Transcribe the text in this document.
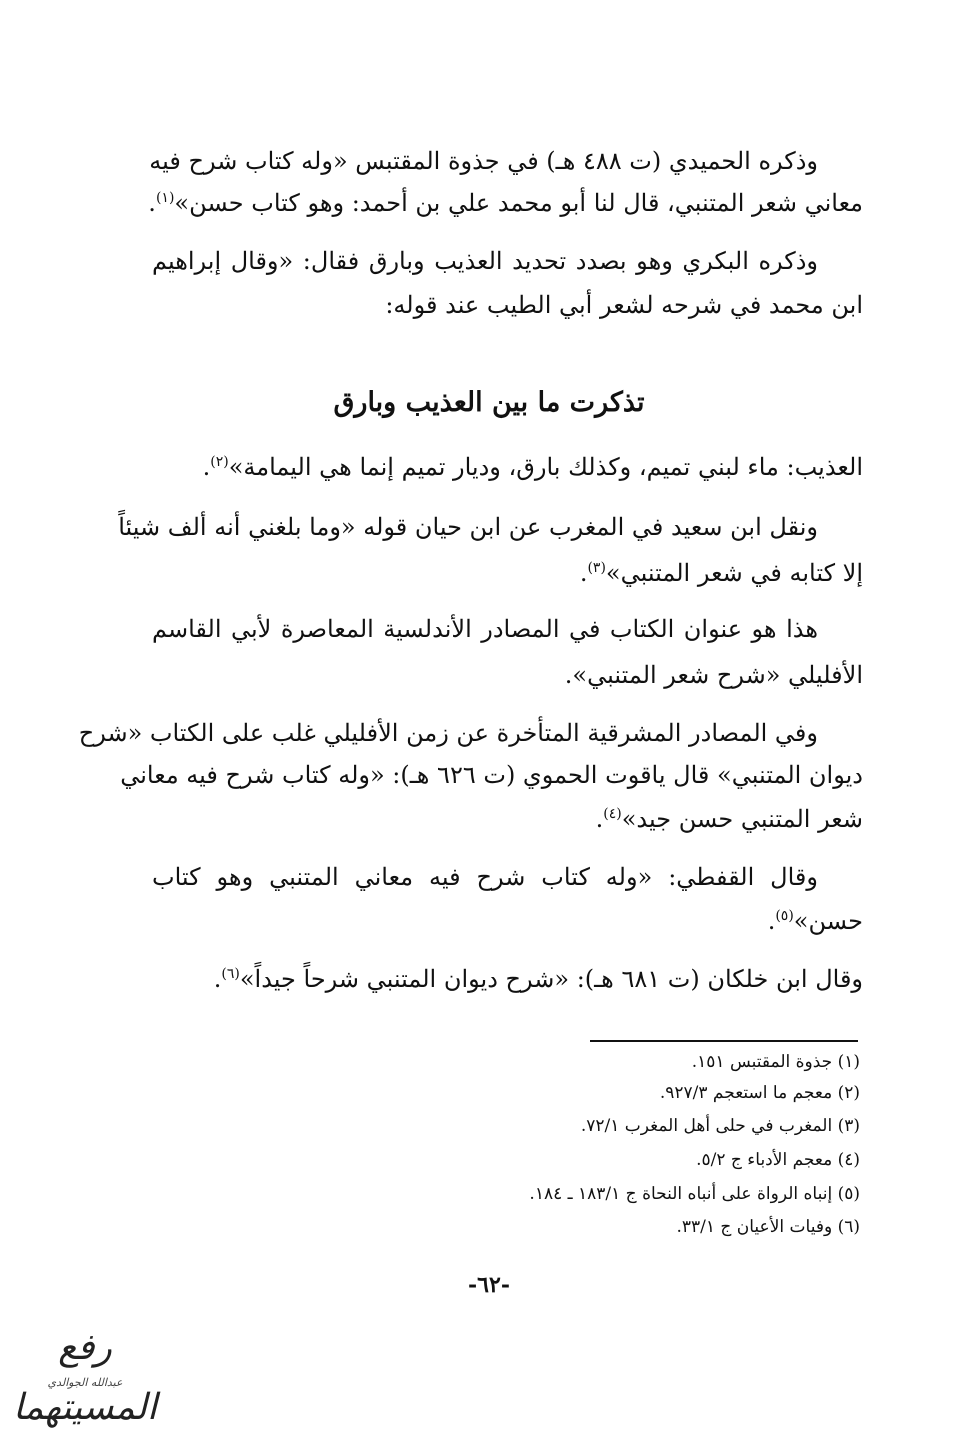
وذكره الحميدي (ت ٤٨٨ هـ) في جذوة المقتبس «وله كتاب شرح فيه
معاني شعر المتنبي، قال لنا أبو محمد علي بن أحمد: وهو كتاب حسن»$^{(١)}$.
وذكره البكري وهو بصدد تحديد العذيب وبارق فقال: «وقال إبراهيم
ابن محمد في شرحه لشعر أبي الطيب عند قوله:
تذكرت ما بين العذيب وبارق
العذيب: ماء لبني تميم، وكذلك بارق، وديار تميم إنما هي اليمامة»$^{(٢)}$.
ونقل ابن سعيد في المغرب عن ابن حيان قوله «وما بلغني أنه ألف شيئاً
إلا كتابه في شعر المتنبي»$^{(٣)}$.
هذا هو عنوان الكتاب في المصادر الأندلسية المعاصرة لأبي القاسم
الأفليلي «شرح شعر المتنبي».
وفي المصادر المشرقية المتأخرة عن زمن الأفليلي غلب على الكتاب «شرح
ديوان المتنبي» قال ياقوت الحموي (ت ٦٢٦ هـ): «وله كتاب شرح فيه معاني
شعر المتنبي حسن جيد»$^{(٤)}$.
وقال القفطي: «وله كتاب شرح فيه معاني المتنبي وهو كتاب
حسن»$^{(٥)}$.
وقال ابن خلكان (ت ٦٨١ هـ): «شرح ديوان المتنبي شرحاً جيداً»$^{(٦)}$.
(١) جذوة المقتبس ١٥١.
(٢) معجم ما استعجم ٩٢٧/٣.
(٣) المغرب في حلى أهل المغرب ٧٢/١.
(٤) معجم الأدباء ج ٥/٢.
(٥) إنباه الرواة على أنباه النحاة ج ١٨٣/١ ـ ١٨٤.
(٦) وفيات الأعيان ج ٣٣/١.
-٦٢-
رفع المسيتهما
عبدالله الجوالدي
